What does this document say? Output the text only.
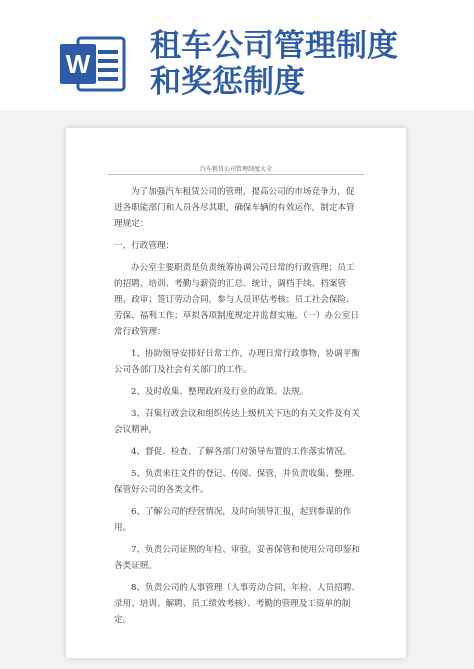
W 租车公司管理制度
和奖惩制度
汽车租赁公司管理制度大全

为了加强汽车租赁公司的管理，提高公司的市场竞争力，促进各职能部门和人员各尽其职，确保车辆的有效运作，制定本管理规定：

一、行政管理：

办公室主要职责是负责统筹协调公司日常的行政管理；员工的招聘、培训、考勤与薪资的汇总、统计，调档手续、档案管理、政审；签订劳动合同，参与人员评估考核；员工社会保险、劳保、福利工作；草拟各项制度规定并监督实施。（一）办公室日常行政管理：

1、协助领导安排好日常工作，办理日常行政事物，协调平衡公司各部门及社会有关部门的工作。

2、及时收集、整理政府及行业的政策、法规。

3、召集行政会议和组织传达上级机关下达的有关文件及有关会议精神。

4、督促、检查、了解各部门对领导布置的工作落实情况。

5、负责来往文件的登记、传阅、保管，并负责收集、整理、保管好公司的各类文件。

6、了解公司的经营情况，及时向领导汇报，起到参谋的作用。

7、负责公司证照的年检、审验，妥善保管和使用公司印鉴和各类证照。

8、负责公司的人事管理（人事劳动合同、年检、人员招聘、录用、培训、解聘、员工绩效考核）、考勤的管理及工资单的制定。
